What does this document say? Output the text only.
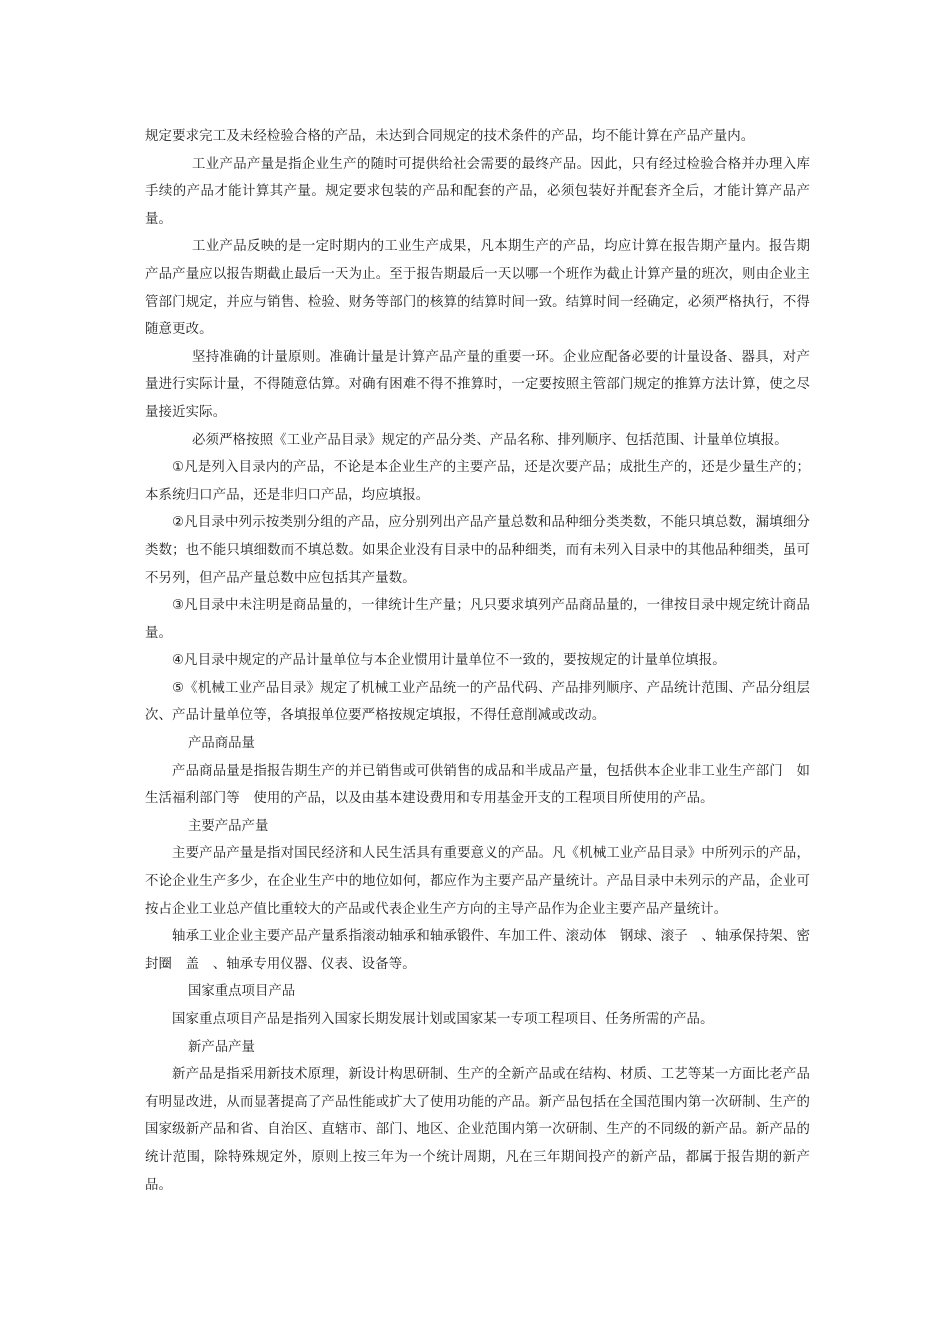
规定要求完工及未经检验合格的产品，未达到合同规定的技术条件的产品，均不能计算在产品产量内。

工业产品产量是指企业生产的随时可提供给社会需要的最终产品。因此，只有经过检验合格并办理入库手续的产品才能计算其产量。规定要求包装的产品和配套的产品，必须包装好并配套齐全后，才能计算产品产量。

工业产品反映的是一定时期内的工业生产成果，凡本期生产的产品，均应计算在报告期产量内。报告期产品产量应以报告期截止最后一天为止。至于报告期最后一天以哪一个班作为截止计算产量的班次，则由企业主管部门规定，并应与销售、检验、财务等部门的核算的结算时间一致。结算时间一经确定，必须严格执行，不得随意更改。

坚持准确的计量原则。准确计量是计算产品产量的重要一环。企业应配备必要的计量设备、器具，对产量进行实际计量，不得随意估算。对确有困难不得不推算时，一定要按照主管部门规定的推算方法计算，使之尽量接近实际。

必须严格按照《工业产品目录》规定的产品分类、产品名称、排列顺序、包括范围、计量单位填报。

①凡是列入目录内的产品，不论是本企业生产的主要产品，还是次要产品；成批生产的，还是少量生产的；本系统归口产品，还是非归口产品，均应填报。

②凡目录中列示按类别分组的产品，应分别列出产品产量总数和品种细分类类数，不能只填总数，漏填细分类数；也不能只填细数而不填总数。如果企业没有目录中的品种细类，而有未列入目录中的其他品种细类，虽可不另列，但产品产量总数中应包括其产量数。

③凡目录中未注明是商品量的，一律统计生产量；凡只要求填列产品商品量的，一律按目录中规定统计商品量。

④凡目录中规定的产品计量单位与本企业惯用计量单位不一致的，要按规定的计量单位填报。

⑤《机械工业产品目录》规定了机械工业产品统一的产品代码、产品排列顺序、产品统计范围、产品分组层次、产品计量单位等，各填报单位要严格按规定填报，不得任意削减或改动。

产品商品量

产品商品量是指报告期生产的并已销售或可供销售的成品和半成品产量，包括供本企业非工业生产部门　如生活福利部门等　使用的产品，以及由基本建设费用和专用基金开支的工程项目所使用的产品。

主要产品产量

主要产品产量是指对国民经济和人民生活具有重要意义的产品。凡《机械工业产品目录》中所列示的产品，不论企业生产多少，在企业生产中的地位如何，都应作为主要产品产量统计。产品目录中未列示的产品，企业可按占企业工业总产值比重较大的产品或代表企业生产方向的主导产品作为企业主要产品产量统计。

轴承工业企业主要产品产量系指滚动轴承和轴承锻件、车加工件、滚动体　钢球、滚子　、轴承保持架、密封圈　盖　、轴承专用仪器、仪表、设备等。

国家重点项目产品

国家重点项目产品是指列入国家长期发展计划或国家某一专项工程项目、任务所需的产品。

新产品产量

新产品是指采用新技术原理，新设计构思研制、生产的全新产品或在结构、材质、工艺等某一方面比老产品有明显改进，从而显著提高了产品性能或扩大了使用功能的产品。新产品包括在全国范围内第一次研制、生产的国家级新产品和省、自治区、直辖市、部门、地区、企业范围内第一次研制、生产的不同级的新产品。新产品的统计范围，除特殊规定外，原则上按三年为一个统计周期，凡在三年期间投产的新产品，都属于报告期的新产品。
